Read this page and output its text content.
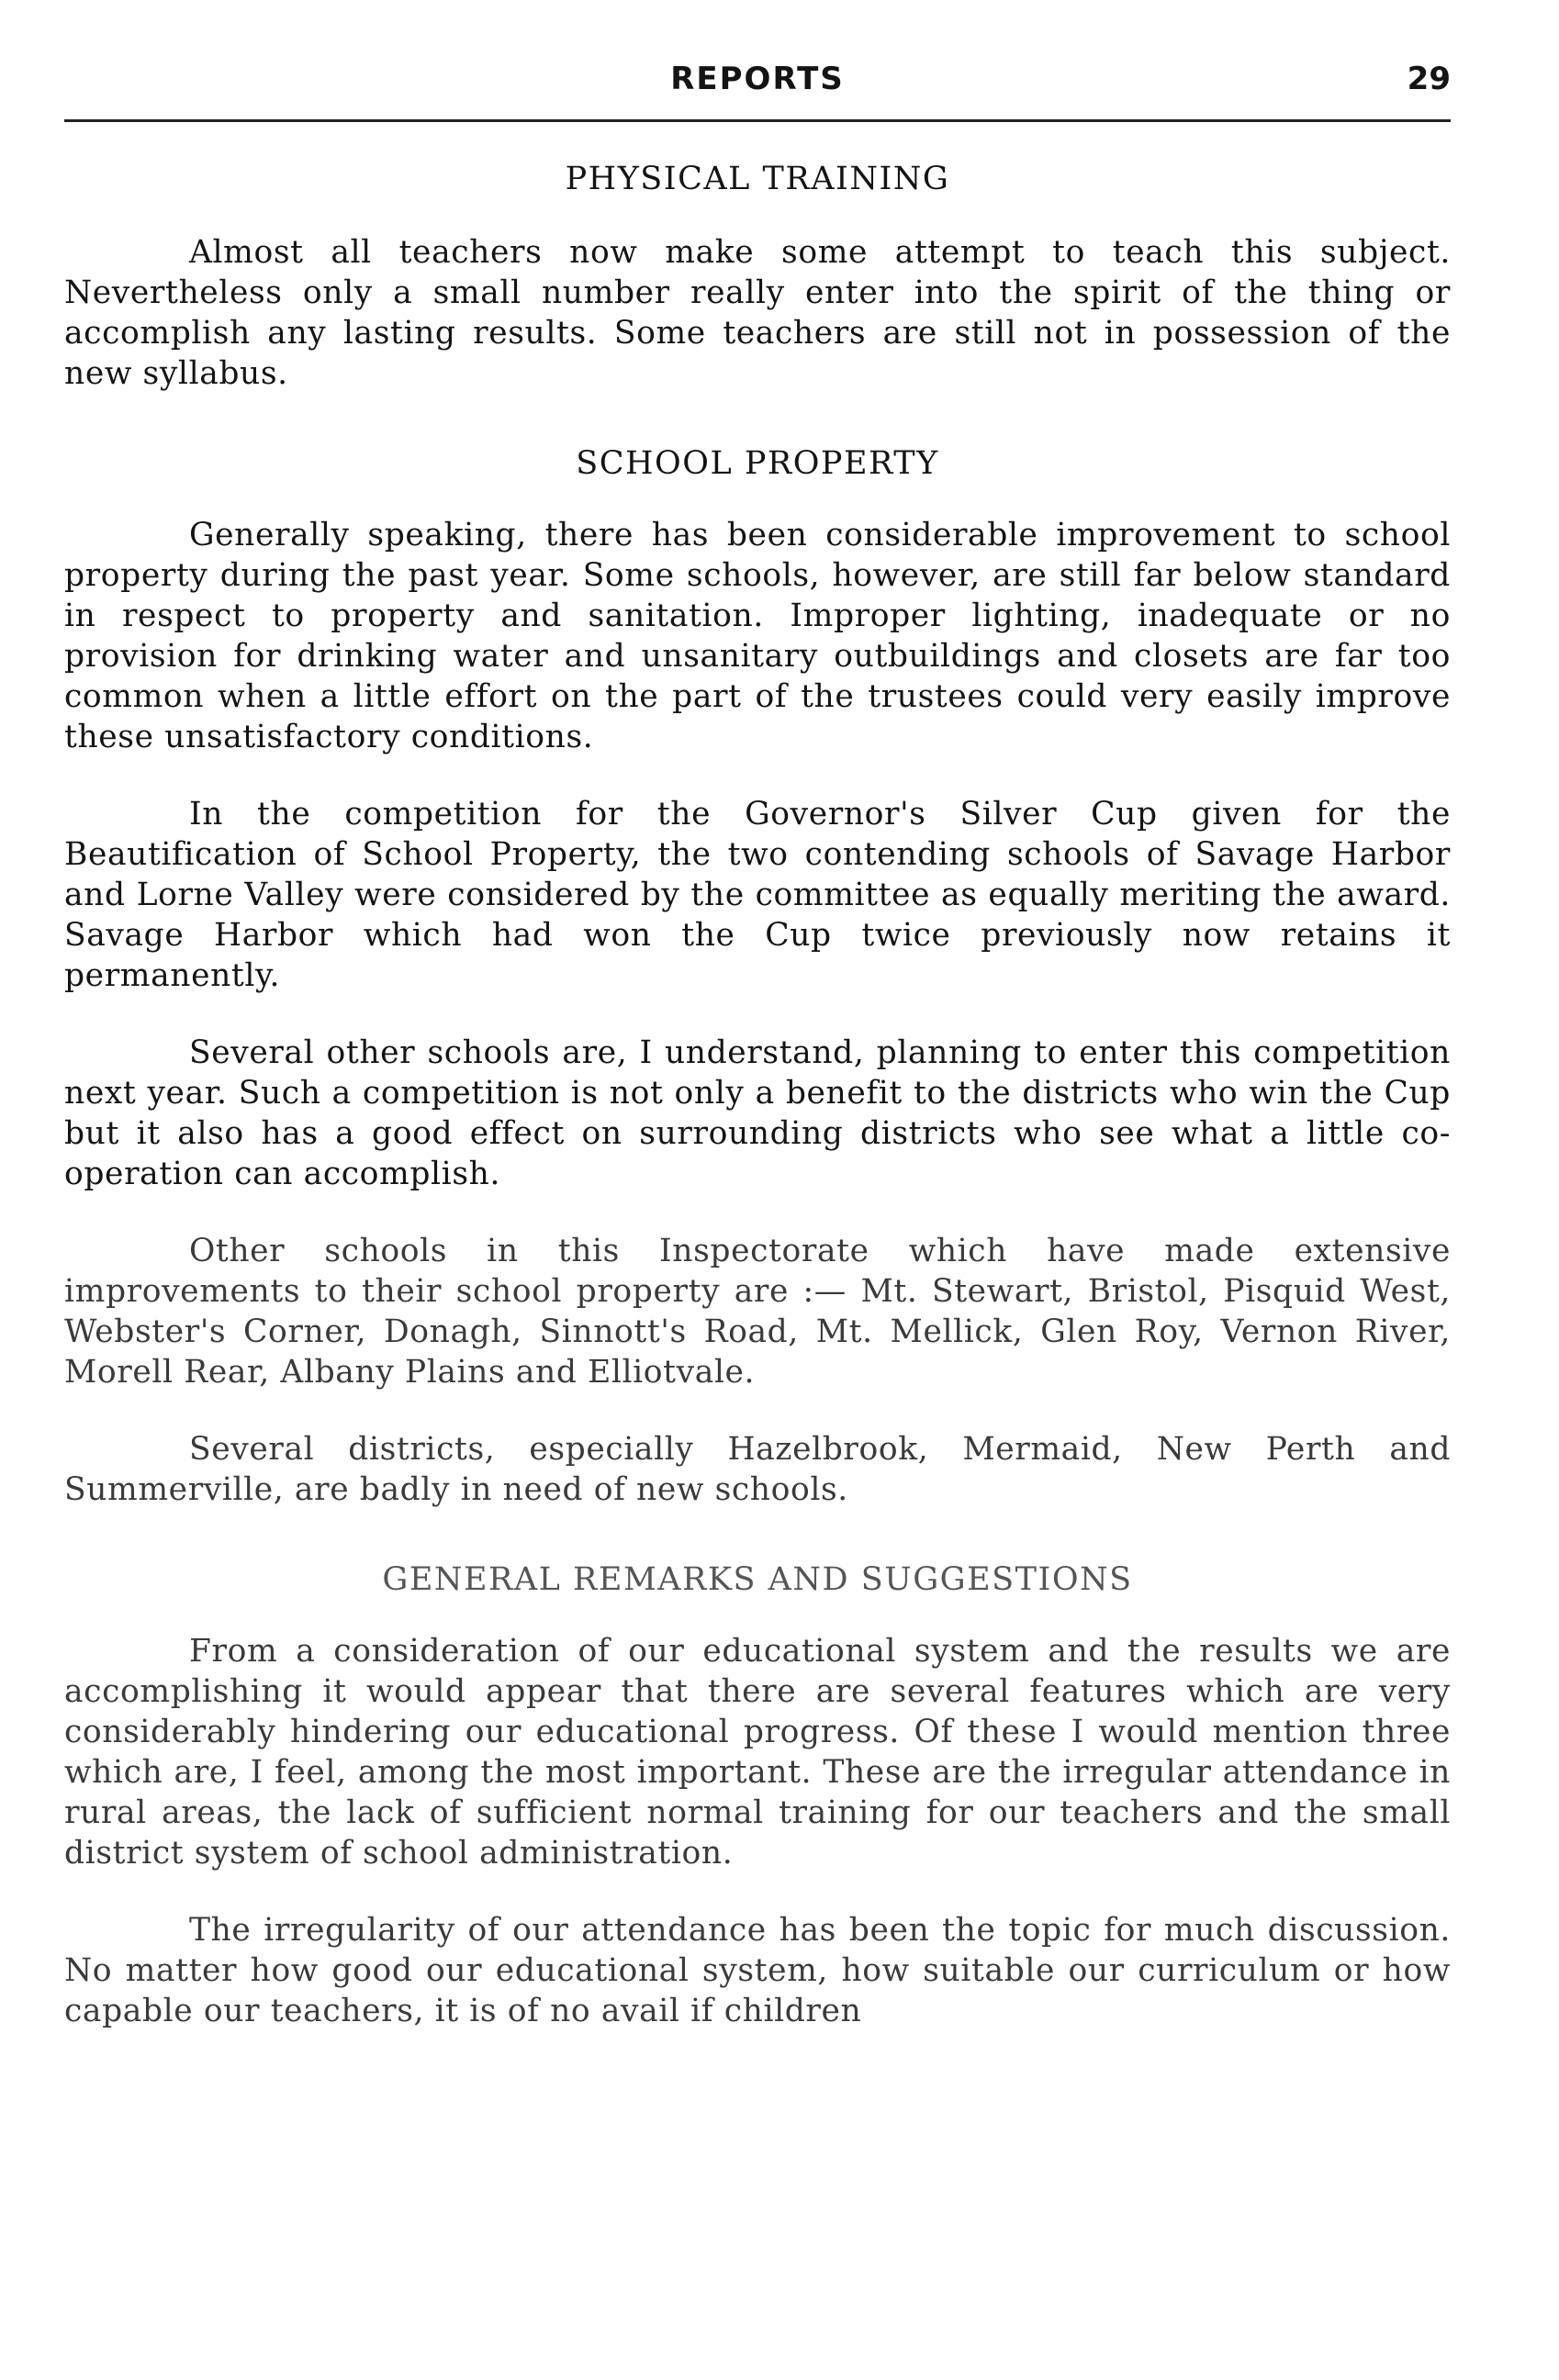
REPORTS	29
PHYSICAL TRAINING

Almost all teachers now make some attempt to teach this subject. Nevertheless only a small number really enter into the spirit of the thing or accomplish any lasting results. Some teachers are still not in possession of the new syllabus.

SCHOOL PROPERTY

Generally speaking, there has been considerable improvement to school property during the past year. Some schools, however, are still far below standard in respect to property and sanitation. Improper lighting, inadequate or no provision for drinking water and unsanitary outbuildings and closets are far too common when a little effort on the part of the trustees could very easily improve these unsatisfactory conditions.

In the competition for the Governor's Silver Cup given for the Beautification of School Property, the two contending schools of Savage Harbor and Lorne Valley were considered by the committee as equally meriting the award. Savage Harbor which had won the Cup twice previously now retains it permanently.

Several other schools are, I understand, planning to enter this competition next year. Such a competition is not only a benefit to the districts who win the Cup but it also has a good effect on surrounding districts who see what a little co-operation can accomplish.

Other schools in this Inspectorate which have made extensive improvements to their school property are :— Mt. Stewart, Bristol, Pisquid West, Webster's Corner, Donagh, Sinnott's Road, Mt. Mellick, Glen Roy, Vernon River, Morell Rear, Albany Plains and Elliotvale.

Several districts, especially Hazelbrook, Mermaid, New Perth and Summerville, are badly in need of new schools.

GENERAL REMARKS AND SUGGESTIONS

From a consideration of our educational system and the results we are accomplishing it would appear that there are several features which are very considerably hindering our educational progress. Of these I would mention three which are, I feel, among the most important. These are the irregular attendance in rural areas, the lack of sufficient normal training for our teachers and the small district system of school administration.

The irregularity of our attendance has been the topic for much discussion. No matter how good our educational system, how suitable our curriculum or how capable our teachers, it is of no avail if children
